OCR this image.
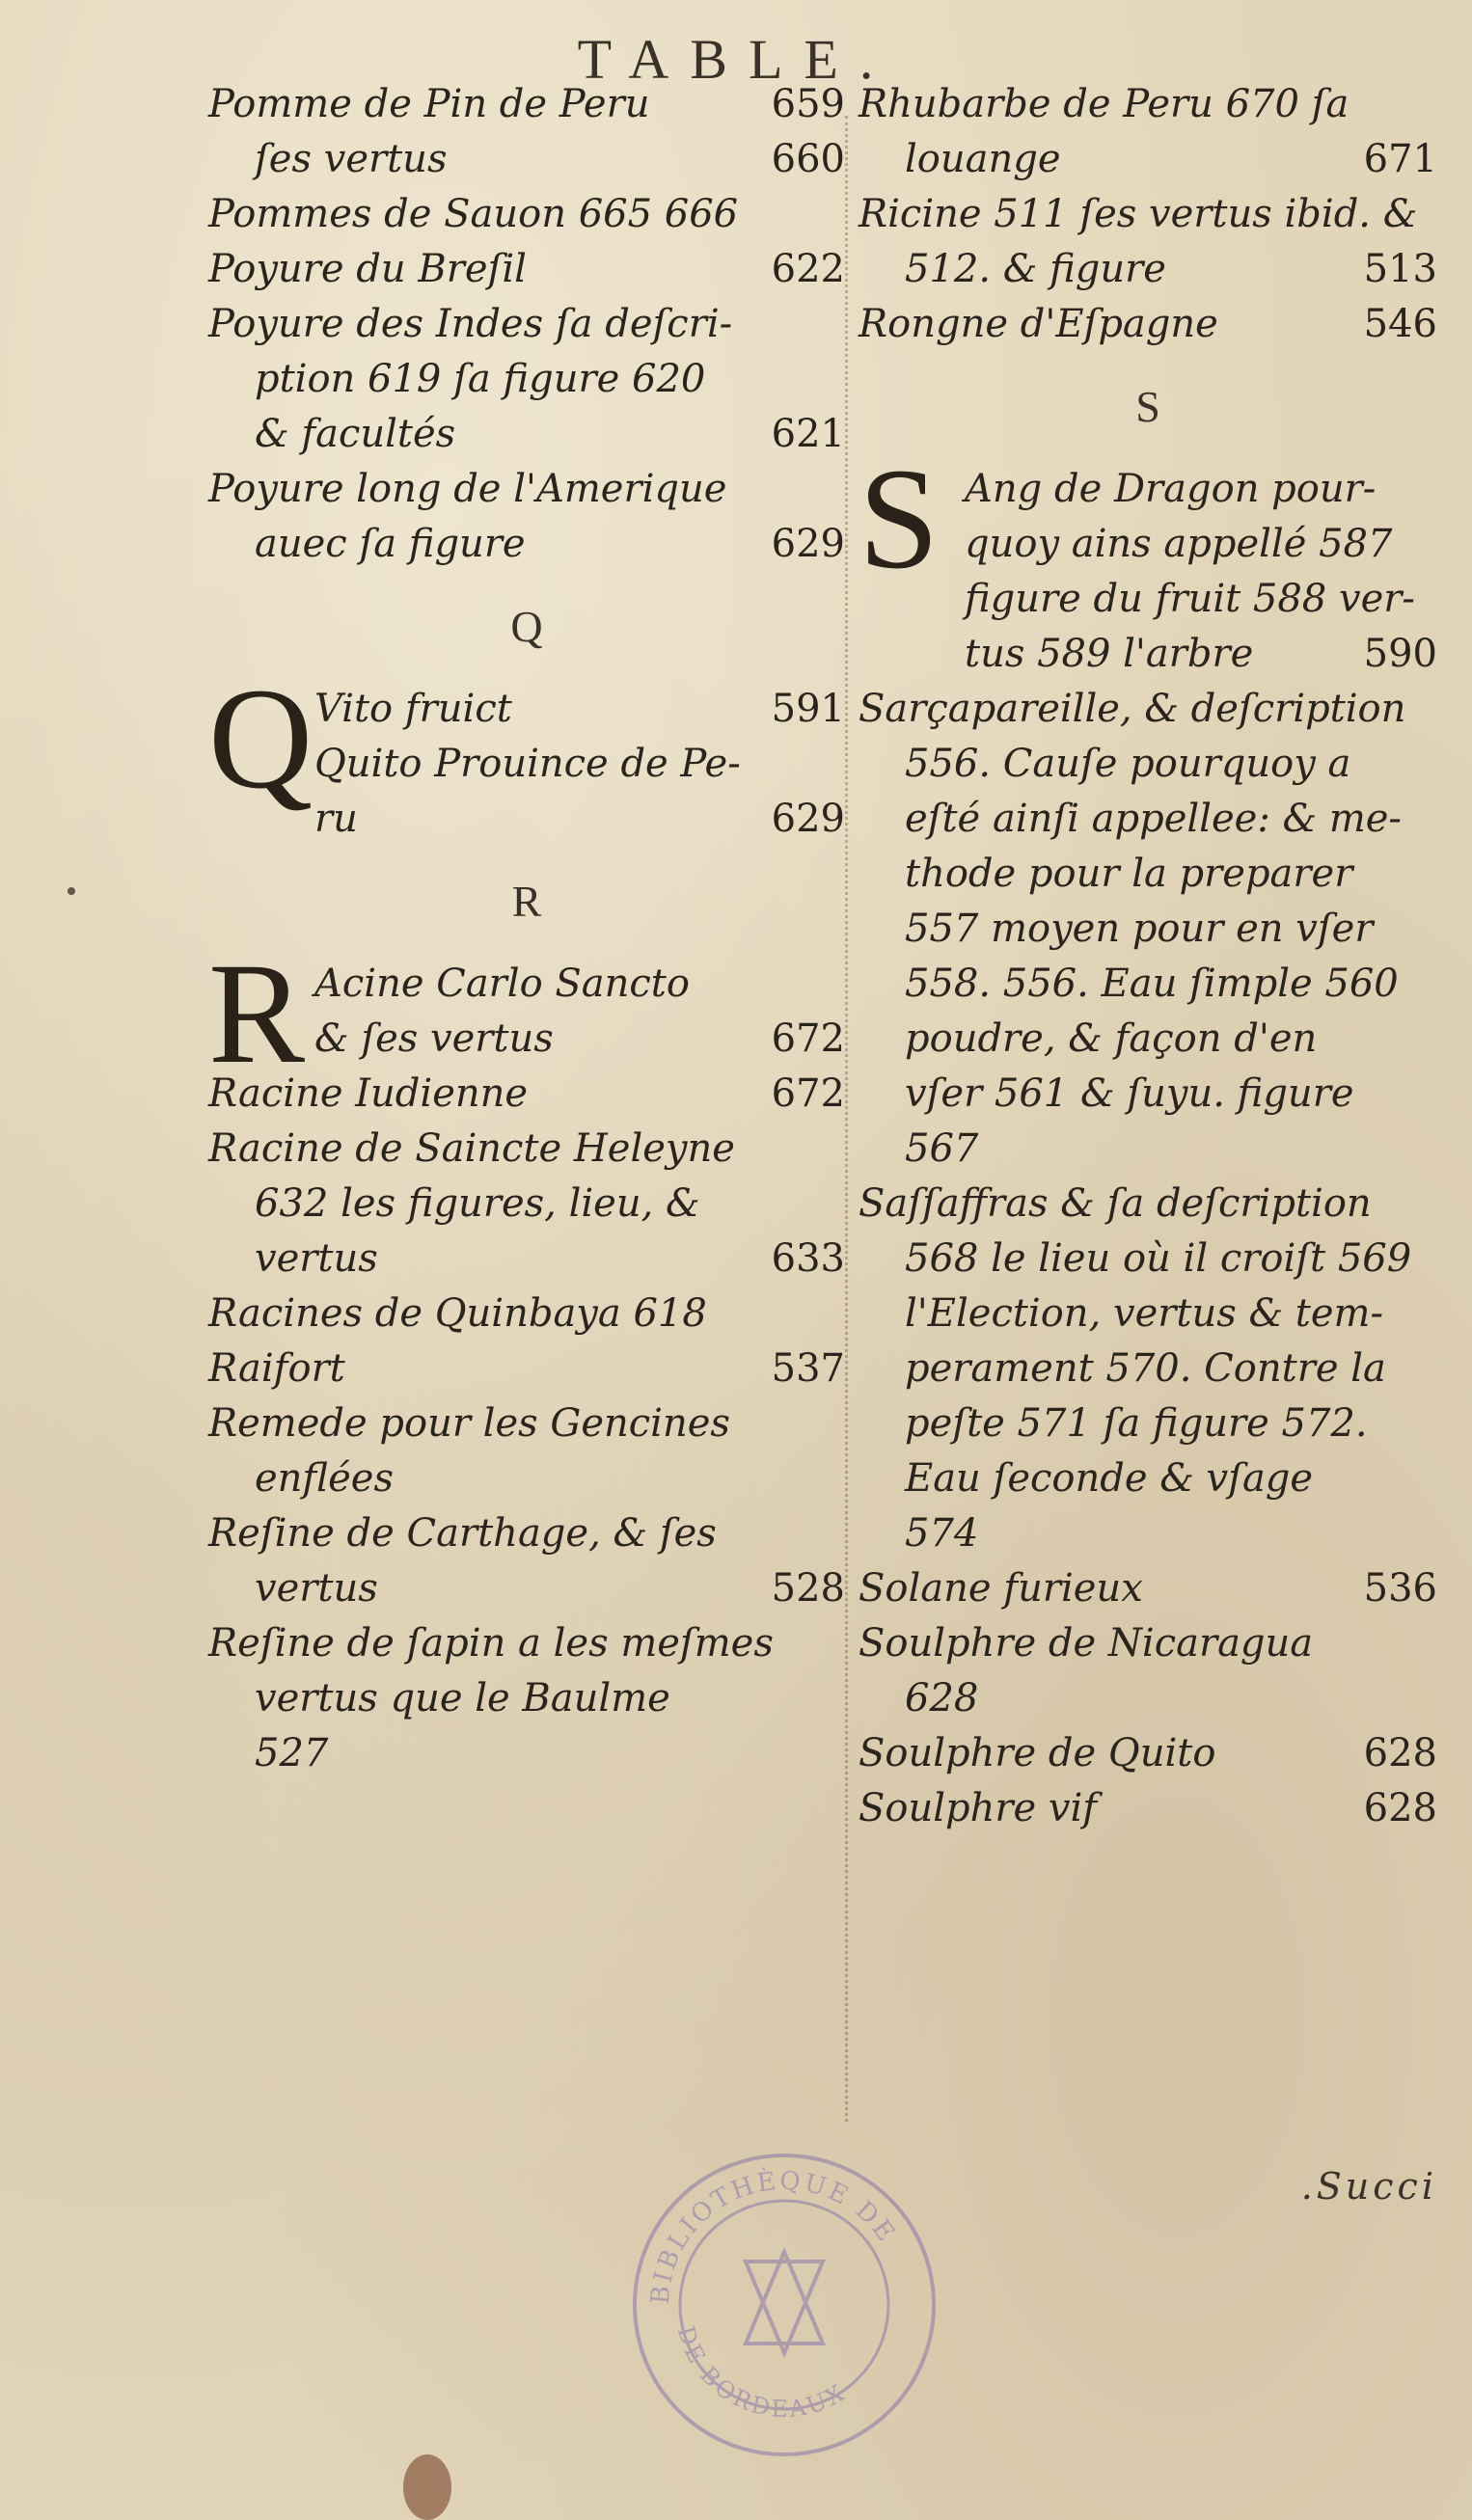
TABLE.
Pomme de Pin de Peru	659
ſes vertus	660
Pommes de Sauon 665 666
Poyure du Breſil	622
Poyure des Indes ſa deſcri-
ption 619 ſa figure 620
& facultés	621
Poyure long de l'Amerique
auec ſa figure	629
Q
Q Vito fruict	591
Quito Prouince de Pe-
ru	629
R
R Acine Carlo Sancto
& ſes vertus	672
Racine Iudienne	672
Racine de Saincte Heleyne
632 les figures, lieu, &
vertus	633
Racines de Quinbaya 618
Raifort	537
Remede pour les Gencines
enflées
Reſine de Carthage, & ſes
vertus	528
Reſine de ſapin a les meſmes
vertus que le Baulme
527
Rhubarbe de Peru 670 ſa
louange	671
Ricine 511 ſes vertus ibid. &
512. & figure	513
Rongne d'Eſpagne	546
S
S Ang de Dragon pour-
quoy ains appellé 587
figure du fruit 588 ver-
tus 589 l'arbre	590
Sarçapareille, & deſcription
556. Cauſe pourquoy a
eſté ainſi appellee: & me-
thode pour la preparer
557 moyen pour en vſer
558. 556. Eau ſimple 560
poudre, & façon d'en
vſer 561 & ſuyu. figure
567
Saſſaffras & ſa deſcription
568 le lieu où il croiſt 569
l'Election, vertus & tem-
perament 570. Contre la
peſte 571 ſa figure 572.
Eau ſeconde & vſage
574
Solane furieux	536
Soulphre de Nicaragua
628
Soulphre de Quito	628
Soulphre vif	628
.Succi
BIBLIOTHÈQUE DE
DE BORDEAUX
